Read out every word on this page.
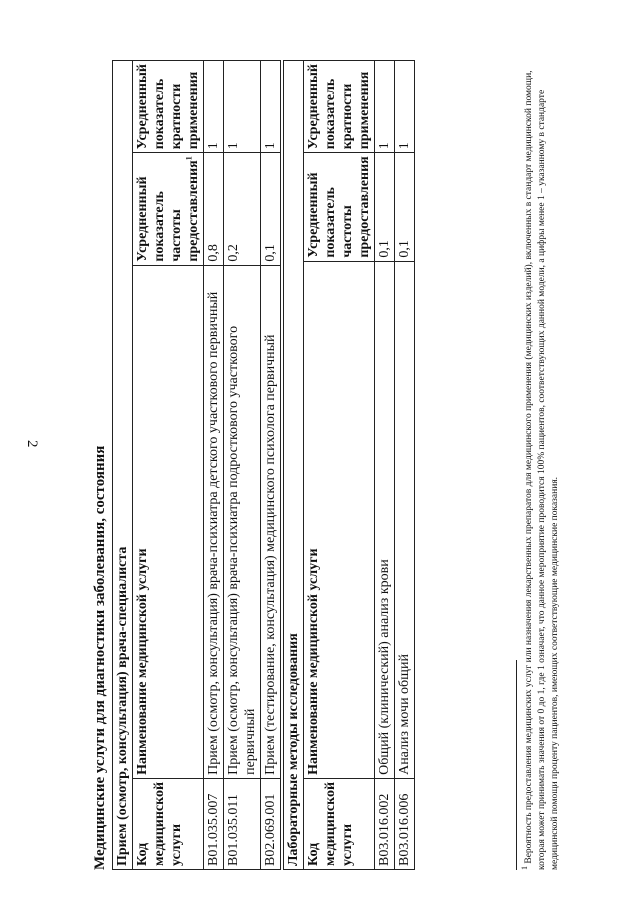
2
Медицинские услуги для диагностики заболевания, состояния Прием (осмотр, консультация) врача-специалиста			
Код медицинской услуги	Наименование медицинской услуги	Усредненный показатель частоты предоставления$^1$	Усредненный показатель кратности применения
B01.035.007	Прием (осмотр, консультация) врача-психиатра детского участкового первичный	0,8	1
B01.035.011	Прием (осмотр, консультация) врача-психиатра подросткового участкового первичный	0,2	1
B02.069.001	Прием (тестирование, консультация) медицинского психолога первичный	0,1	1
Лабораторные методы исследования			
Код медицинской услуги	Наименование медицинской услуги	Усредненный показатель частоты предоставления	Усредненный показатель кратности применения
B03.016.002	Общий (клинический) анализ крови	0,1	1
B03.016.006	Анализ мочи общий	0,1	1
$^1$ Вероятность предоставления медицинских услуг или назначения лекарственных препаратов для медицинского применения (медицинских изделий), включенных в стандарт медицинской помощи, которая может принимать значения от 0 до 1, где 1 означает, что данное мероприятие проводится 100% пациентов, соответствующих данной модели, а цифры менее 1 – указанному в стандарте медицинской помощи проценту пациентов, имеющих соответствующие медицинские показания.
